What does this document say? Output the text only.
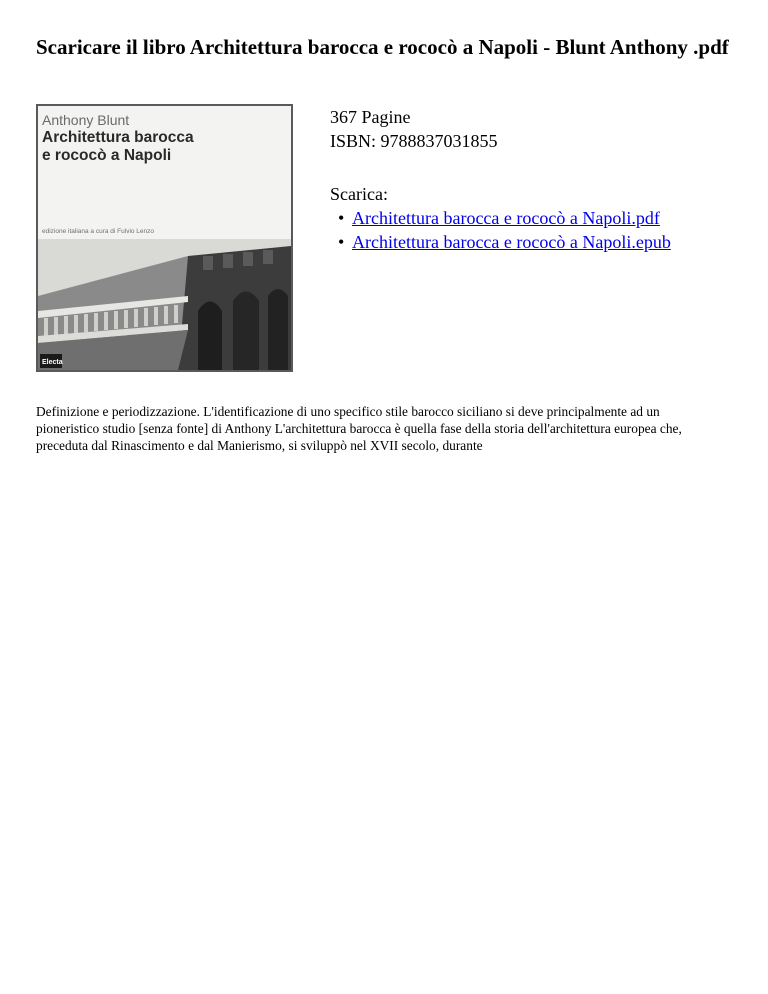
Scaricare il libro Architettura barocca e rococò a Napoli - Blunt Anthony .pdf
Anthony Blunt
Architettura barocca
e rococò a Napoli
edizione italiana a cura di Fulvio Lenzo
Electa
367 Pagine
ISBN: 9788837031855
Scarica:
• Architettura barocca e rococò a Napoli.pdf
• Architettura barocca e rococò a Napoli.epub

Definizione e periodizzazione. L'identificazione di uno specifico stile barocco siciliano si deve principalmente ad un pioneristico studio [senza fonte] di Anthony L'architettura barocca è quella fase della storia dell'architettura europea che, preceduta dal Rinascimento e dal Manierismo, si sviluppò nel XVII secolo, durante
